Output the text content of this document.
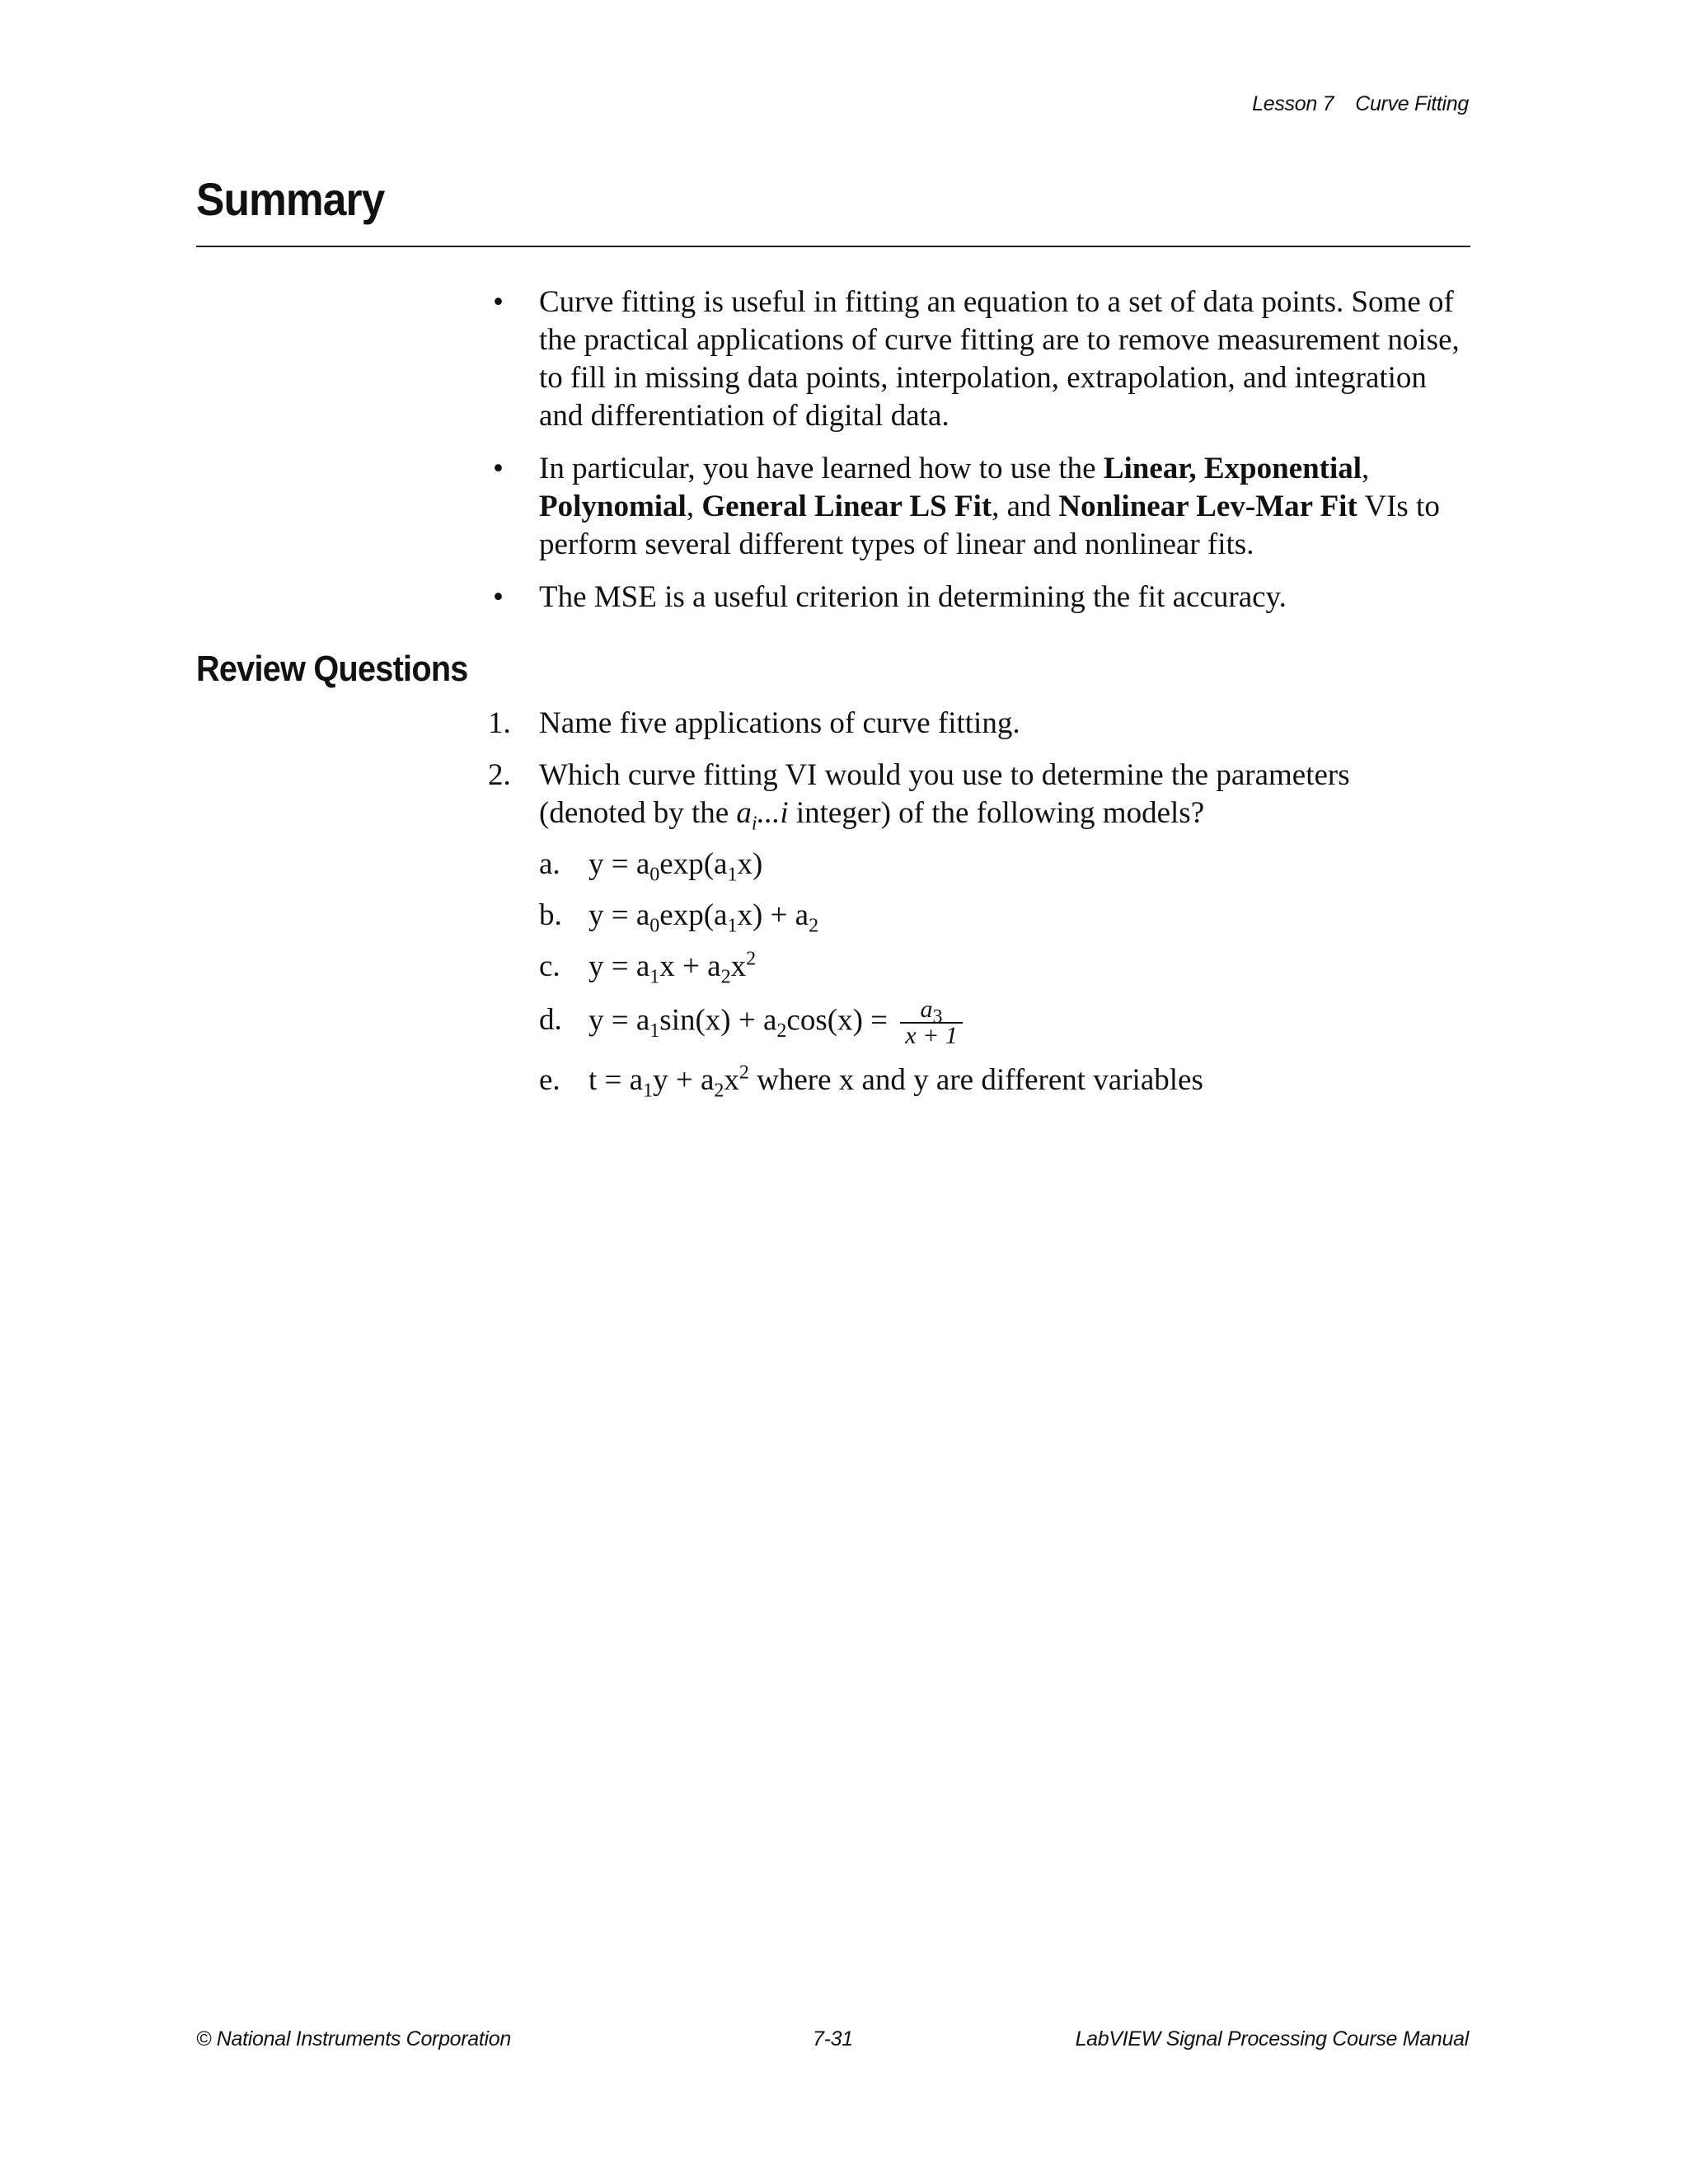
Lesson 7 Curve Fitting
Summary
• Curve fitting is useful in fitting an equation to a set of data points. Some of the practical applications of curve fitting are to remove measurement noise, to fill in missing data points, interpolation, extrapolation, and integration and differentiation of digital data.
• In particular, you have learned how to use the Linear, Exponential, Polynomial, General Linear LS Fit, and Nonlinear Lev-Mar Fit VIs to perform several different types of linear and nonlinear fits.
• The MSE is a useful criterion in determining the fit accuracy.
Review Questions
1. Name five applications of curve fitting.
2. Which curve fitting VI would you use to determine the parameters (denoted by the $a_i...i$ integer) of the following models?
a. $y = a_0\exp(a_1x)$
b. $y = a_0\exp(a_1x) + a_2$
c. $y = a_1x + a_2x^2$
d. $y = a_1\sin(x) + a_2\cos(x) = \frac{a_3}{x + 1}$
e. $t = a_1y + a_2x^2$ where x and y are different variables
© National Instruments Corporation	7-31	LabVIEW Signal Processing Course Manual
